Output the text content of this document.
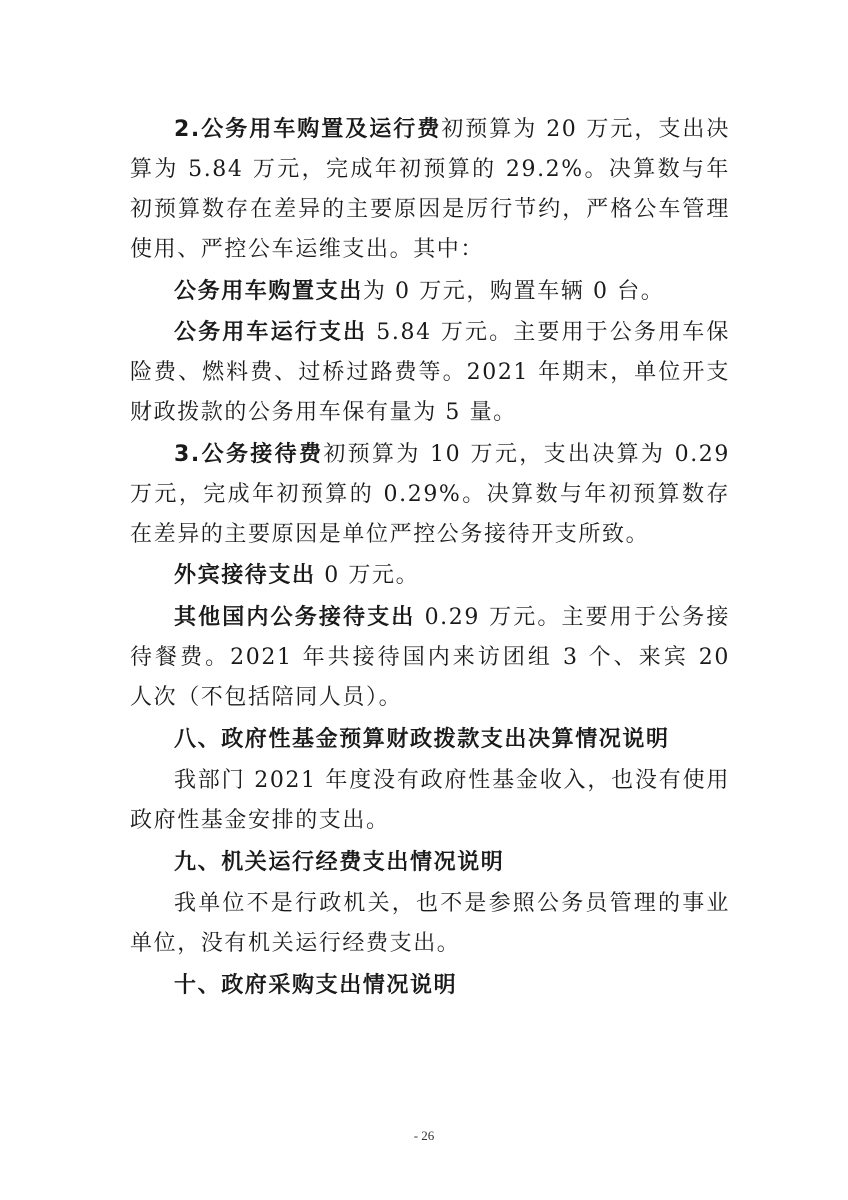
2.公务用车购置及运行费初预算为 20 万元，支出决算为 5.84 万元，完成年初预算的 29.2%。决算数与年初预算数存在差异的主要原因是厉行节约，严格公车管理使用、严控公车运维支出。其中：

公务用车购置支出为 0 万元，购置车辆 0 台。

公务用车运行支出 5.84 万元。主要用于公务用车保险费、燃料费、过桥过路费等。2021 年期末，单位开支财政拨款的公务用车保有量为 5 量。

3.公务接待费初预算为 10 万元，支出决算为 0.29 万元，完成年初预算的 0.29%。决算数与年初预算数存在差异的主要原因是单位严控公务接待开支所致。

外宾接待支出 0 万元。

其他国内公务接待支出 0.29 万元。主要用于公务接待餐费。2021 年共接待国内来访团组 3 个、来宾 20 人次（不包括陪同人员）。

八、政府性基金预算财政拨款支出决算情况说明

我部门 2021 年度没有政府性基金收入，也没有使用政府性基金安排的支出。

九、机关运行经费支出情况说明

我单位不是行政机关，也不是参照公务员管理的事业单位，没有机关运行经费支出。

十、政府采购支出情况说明

- 26
